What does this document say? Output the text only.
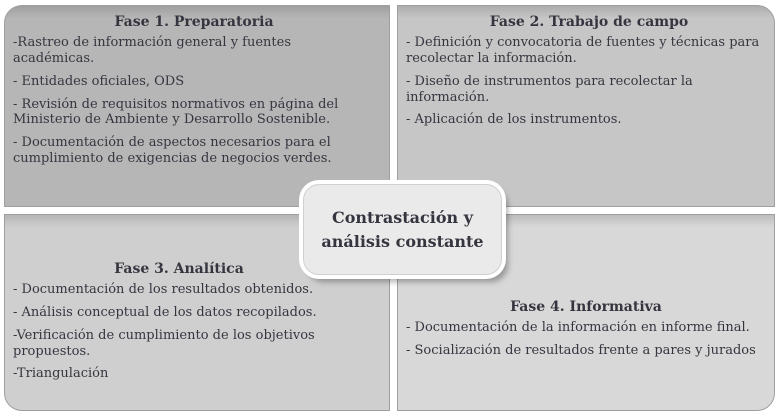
Fase 1. Preparatoria

-Rastreo de información general y fuentes académicas.

- Entidades oficiales, ODS

- Revisión de requisitos normativos en página del Ministerio de Ambiente y Desarrollo Sostenible.

- Documentación de aspectos necesarios para el cumplimiento de exigencias de negocios verdes.

Fase 2. Trabajo de campo

- Definición y convocatoria de fuentes y técnicas para recolectar la información.

- Diseño de instrumentos para recolectar la información.

- Aplicación de los instrumentos.

Fase 3. Analítica

- Documentación de los resultados obtenidos.

- Análisis conceptual de los datos recopilados.

-Verificación de cumplimiento de los objetivos propuestos.

-Triangulación

Fase 4. Informativa

- Documentación de la información en informe final.

- Socialización de resultados frente a pares y jurados

Contrastación y
análisis constante
